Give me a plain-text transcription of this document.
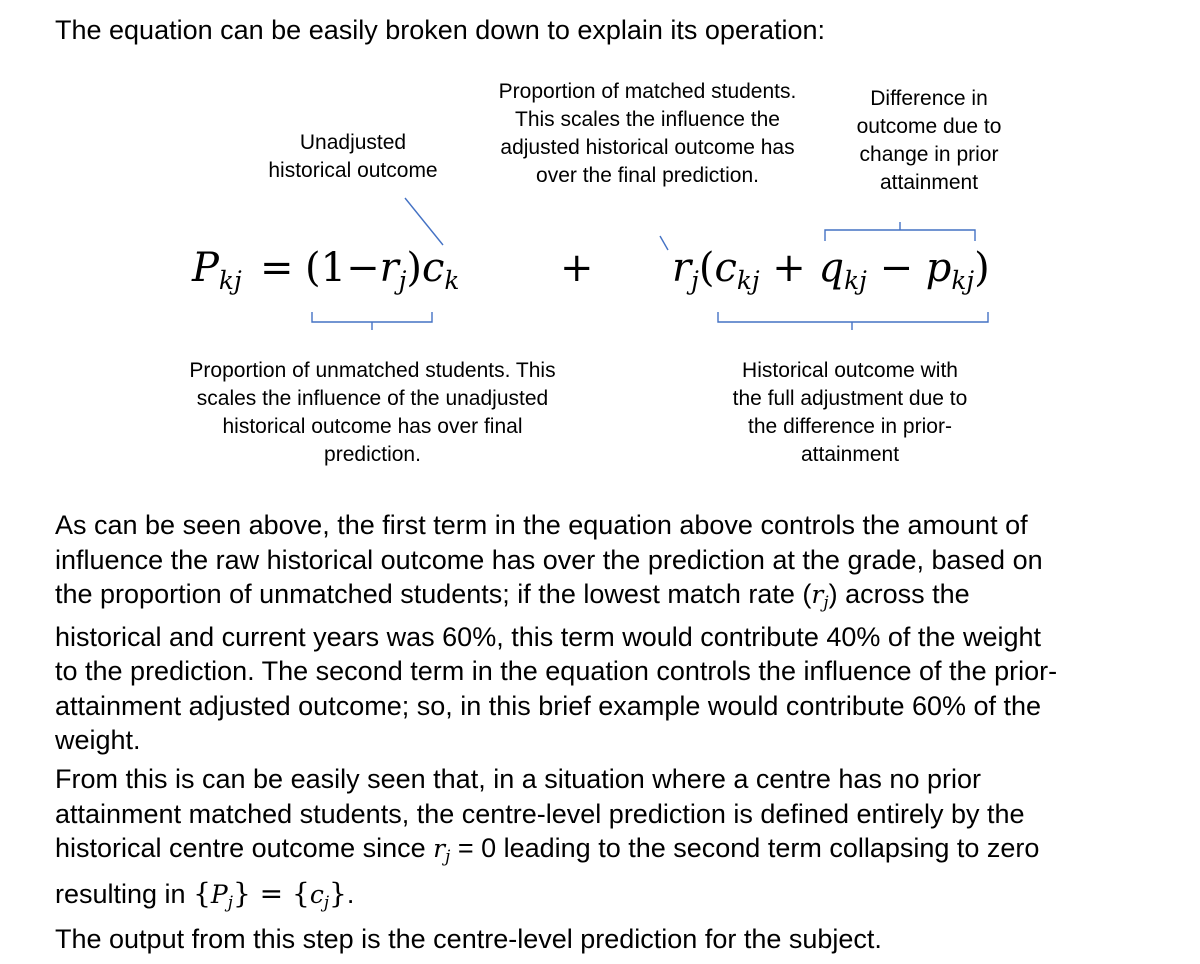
The equation can be easily broken down to explain its operation:
Unadjusted
historical outcome
Proportion of matched students.
This scales the influence the
adjusted historical outcome has
over the final prediction.
Difference in
outcome due to
change in prior
attainment
$P_{kj} = (1-r_j)c_k$	+ $r_j(c_{kj} + q_{kj} - p_{kj})$
Proportion of unmatched students. This
scales the influence of the unadjusted
historical outcome has over final
prediction.
Historical outcome with
the full adjustment due to
the difference in prior-
attainment
As can be seen above, the first term in the equation above controls the amount of
influence the raw historical outcome has over the prediction at the grade, based on
the proportion of unmatched students; if the lowest match rate (rj) across the
historical and current years was 60%, this term would contribute 40% of the weight
to the prediction. The second term in the equation controls the influence of the prior-
attainment adjusted outcome; so, in this brief example would contribute 60% of the
weight.
From this is can be easily seen that, in a situation where a centre has no prior
attainment matched students, the centre-level prediction is defined entirely by the
historical centre outcome since rj = 0 leading to the second term collapsing to zero
resulting in {Pj} = {cj}.
The output from this step is the centre-level prediction for the subject.
